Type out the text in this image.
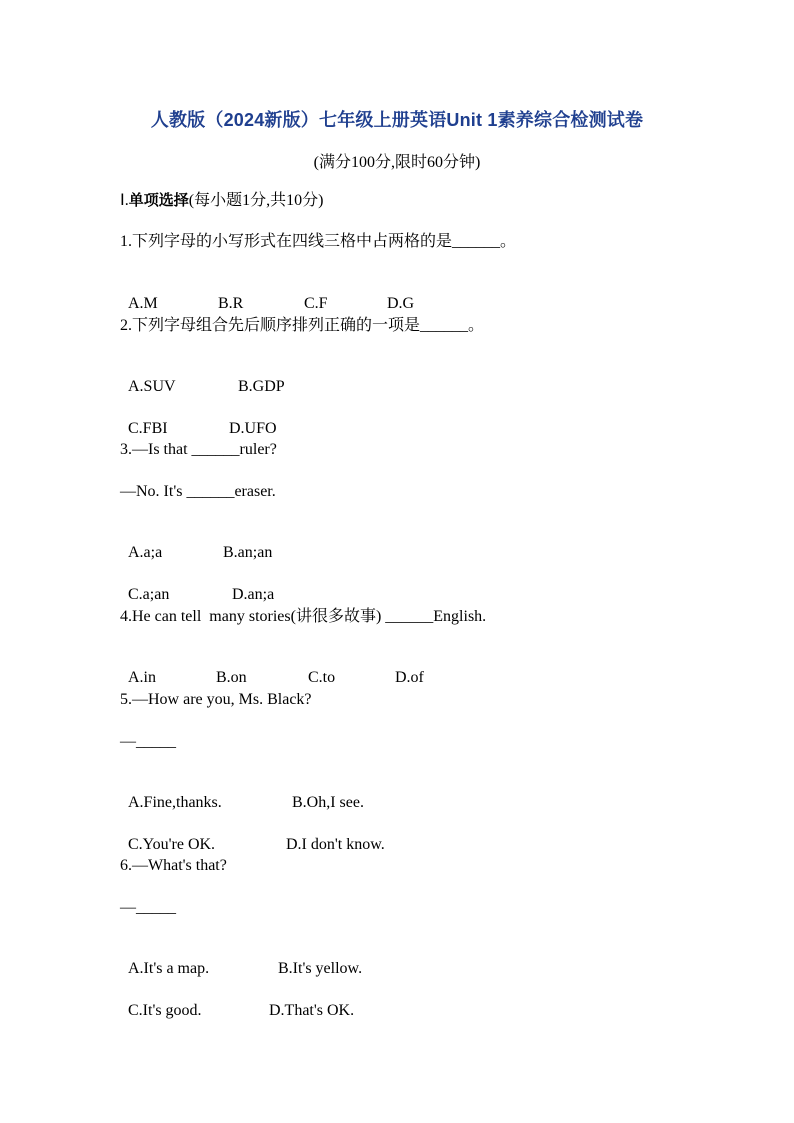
人教版（2024新版）七年级上册英语Unit 1素养综合检测试卷
(满分100分,限时60分钟)
Ⅰ.单项选择(每小题1分,共10分)
1.下列字母的小写形式在四线三格中占两格的是______。

A.M	B.R	C.F	D.G

2.下列字母组合先后顺序排列正确的一项是______。

A.SUV	B.GDP

C.FBI	D.UFO

3.—Is that ______ruler?
—No. It's ______eraser.

A.a;a	B.an;an

C.a;an	D.an;a

4.He can tell  many stories(讲很多故事) ______English.

A.in	B.on	C.to	D.of

5.—How are you, Ms. Black?
—_____

A.Fine,thanks.	B.Oh,I see.

C.You're OK.	D.I don't know.

6.—What's that?
—_____

A.It's a map.	B.It's yellow.

C.It's good.	D.That's OK.
